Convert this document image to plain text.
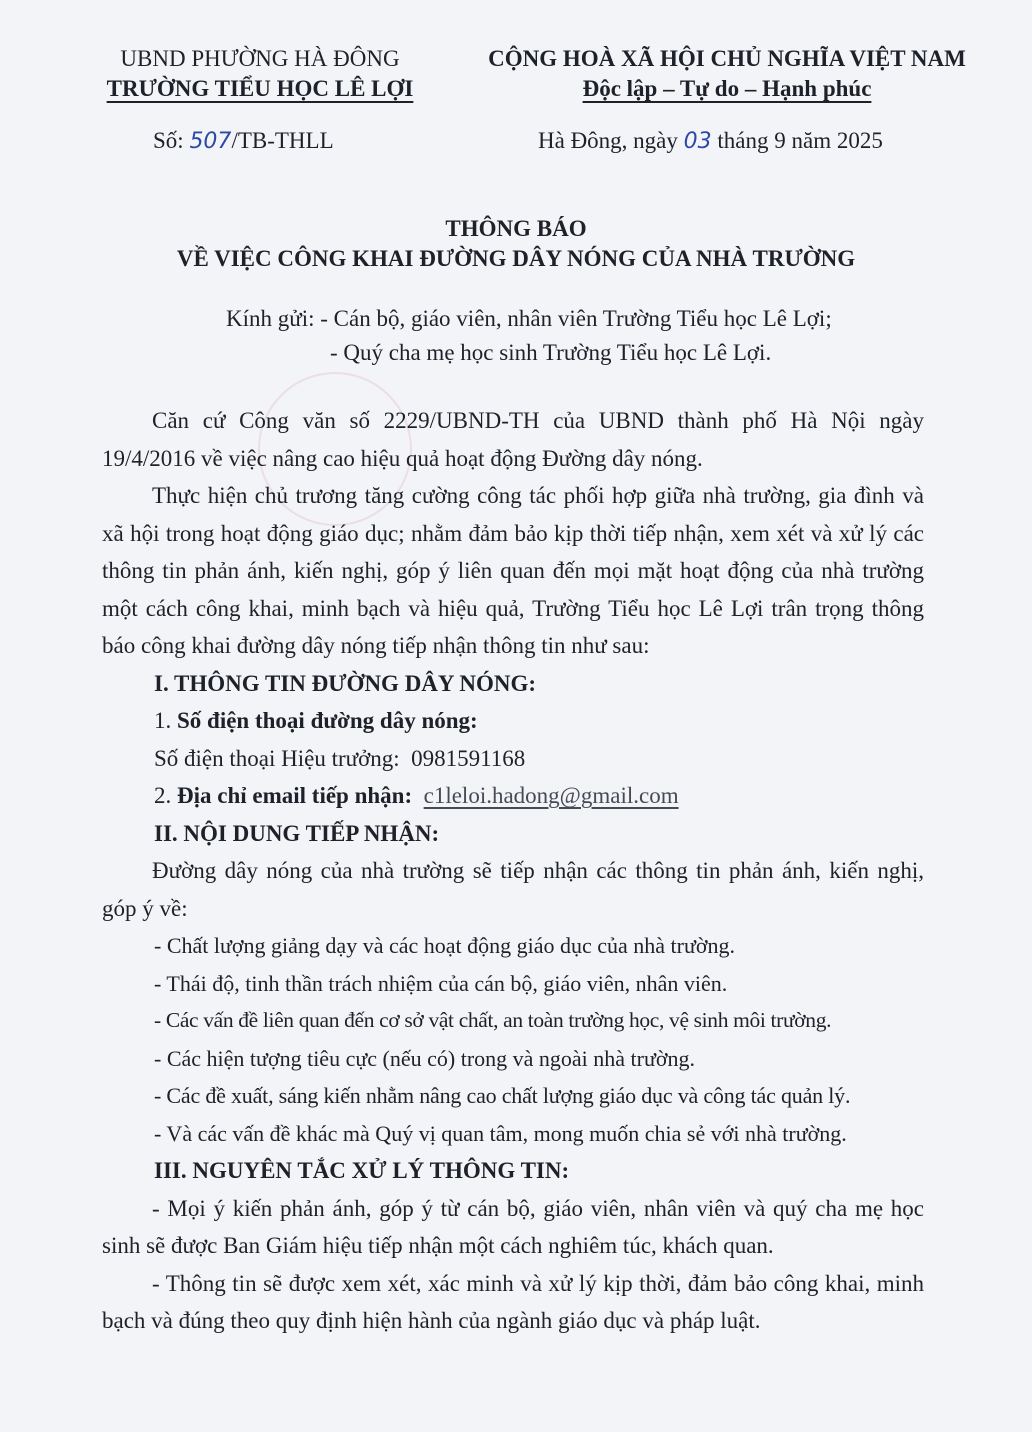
UBND PHƯỜNG HÀ ĐÔNG
TRƯỜNG TIỂU HỌC LÊ LỢI
CỘNG HOÀ XÃ HỘI CHỦ NGHĨA VIỆT NAM
Độc lập – Tự do – Hạnh phúc
Số: 507/TB-THLL	Hà Đông, ngày 03 tháng 9 năm 2025
THÔNG BÁO
VỀ VIỆC CÔNG KHAI ĐƯỜNG DÂY NÓNG CỦA NHÀ TRƯỜNG
Kính gửi: - Cán bộ, giáo viên, nhân viên Trường Tiểu học Lê Lợi;
- Quý cha mẹ học sinh Trường Tiểu học Lê Lợi.

Căn cứ Công văn số 2229/UBND-TH của UBND thành phố Hà Nội ngày 19/4/2016 về việc nâng cao hiệu quả hoạt động Đường dây nóng.

Thực hiện chủ trương tăng cường công tác phối hợp giữa nhà trường, gia đình và xã hội trong hoạt động giáo dục; nhằm đảm bảo kịp thời tiếp nhận, xem xét và xử lý các thông tin phản ánh, kiến nghị, góp ý liên quan đến mọi mặt hoạt động của nhà trường một cách công khai, minh bạch và hiệu quả, Trường Tiểu học Lê Lợi trân trọng thông báo công khai đường dây nóng tiếp nhận thông tin như sau:

I. THÔNG TIN ĐƯỜNG DÂY NÓNG:

1. Số điện thoại đường dây nóng:

Số điện thoại Hiệu trưởng: 0981591168

2. Địa chỉ email tiếp nhận: c1leloi.hadong@gmail.com

II. NỘI DUNG TIẾP NHẬN:

Đường dây nóng của nhà trường sẽ tiếp nhận các thông tin phản ánh, kiến nghị, góp ý về:

- Chất lượng giảng dạy và các hoạt động giáo dục của nhà trường.

- Thái độ, tinh thần trách nhiệm của cán bộ, giáo viên, nhân viên.

- Các vấn đề liên quan đến cơ sở vật chất, an toàn trường học, vệ sinh môi trường.

- Các hiện tượng tiêu cực (nếu có) trong và ngoài nhà trường.

- Các đề xuất, sáng kiến nhằm nâng cao chất lượng giáo dục và công tác quản lý.

- Và các vấn đề khác mà Quý vị quan tâm, mong muốn chia sẻ với nhà trường.

III. NGUYÊN TẮC XỬ LÝ THÔNG TIN:

- Mọi ý kiến phản ánh, góp ý từ cán bộ, giáo viên, nhân viên và quý cha mẹ học sinh sẽ được Ban Giám hiệu tiếp nhận một cách nghiêm túc, khách quan.

- Thông tin sẽ được xem xét, xác minh và xử lý kịp thời, đảm bảo công khai, minh bạch và đúng theo quy định hiện hành của ngành giáo dục và pháp luật.
